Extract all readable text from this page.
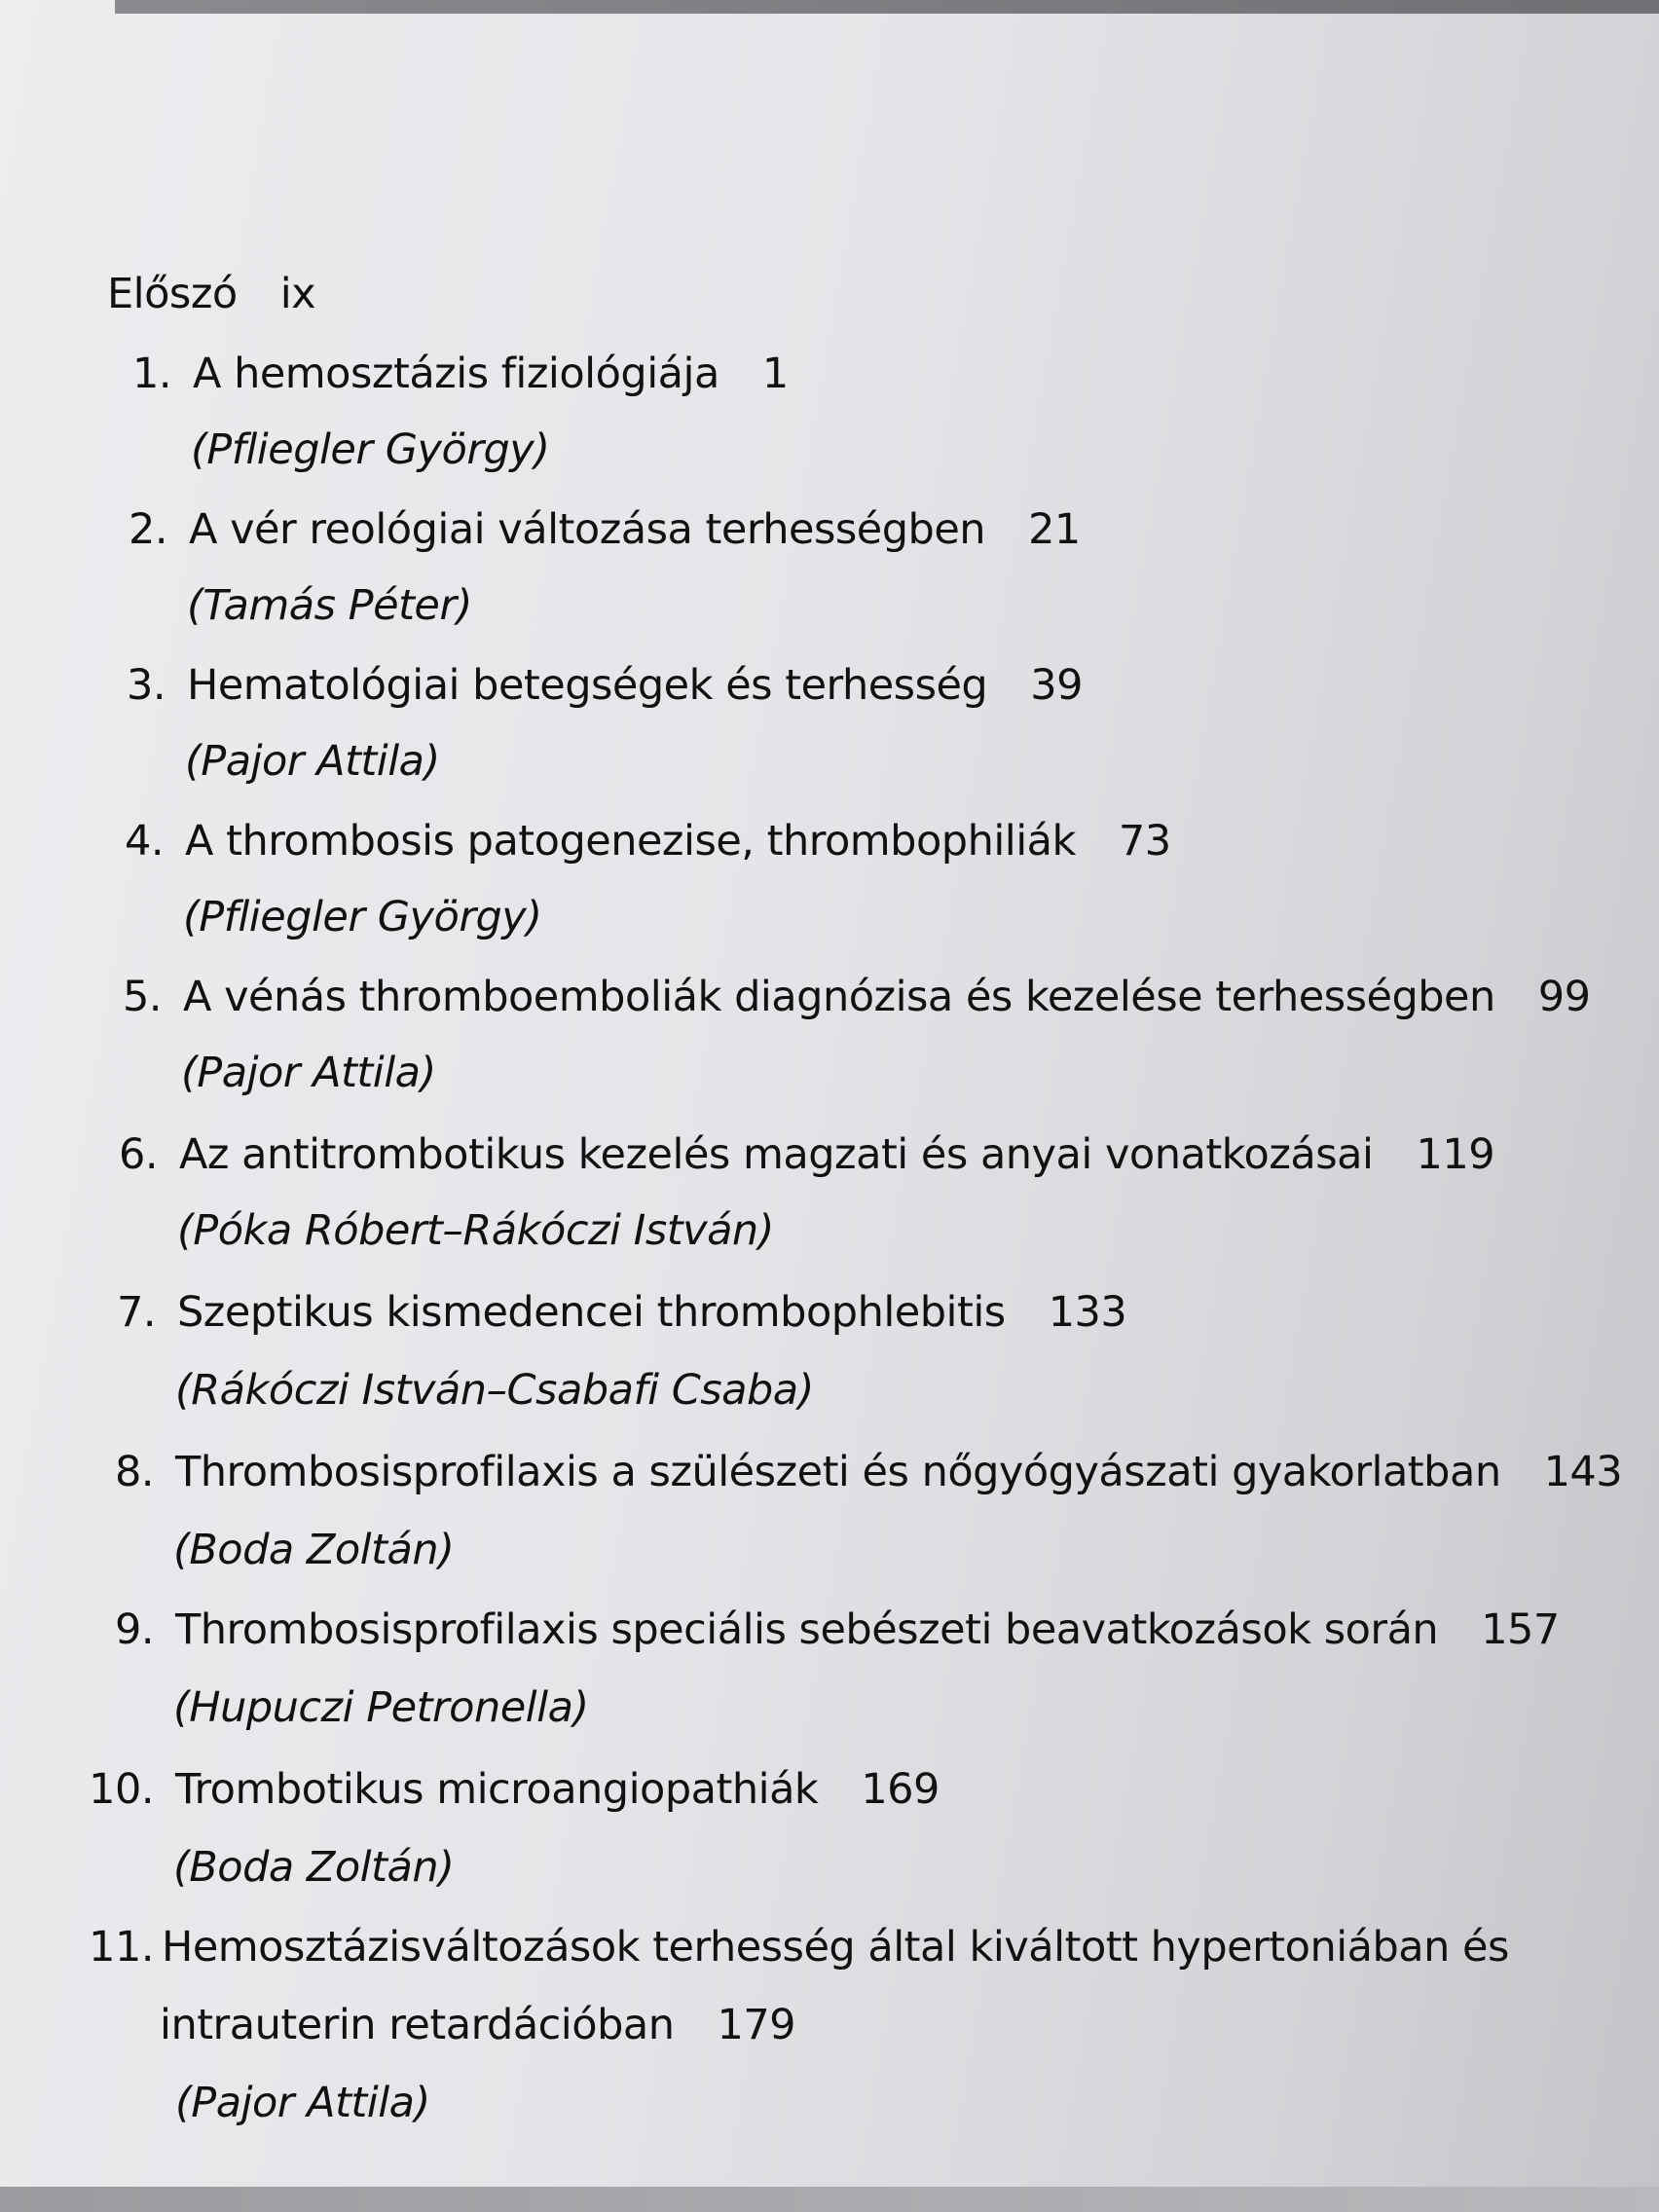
Előszó ix
1. A hemosztázis fiziológiája 1
(Pfliegler György)
2. A vér reológiai változása terhességben 21
(Tamás Péter)
3. Hematológiai betegségek és terhesség 39
(Pajor Attila)
4. A thrombosis patogenezise, thrombophiliák 73
(Pfliegler György)
5. A vénás thromboemboliák diagnózisa és kezelése terhességben 99
(Pajor Attila)
6. Az antitrombotikus kezelés magzati és anyai vonatkozásai 119
(Póka Róbert–Rákóczi István)
7. Szeptikus kismedencei thrombophlebitis 133
(Rákóczi István–Csabafi Csaba)
8. Thrombosisprofilaxis a szülészeti és nőgyógyászati gyakorlatban 143
(Boda Zoltán)
9. Thrombosisprofilaxis speciális sebészeti beavatkozások során 157
(Hupuczi Petronella)
10. Trombotikus microangiopathiák 169
(Boda Zoltán)
11. Hemosztázisváltozások terhesség által kiváltott hypertoniában és
intrauterin retardációban 179
(Pajor Attila)
